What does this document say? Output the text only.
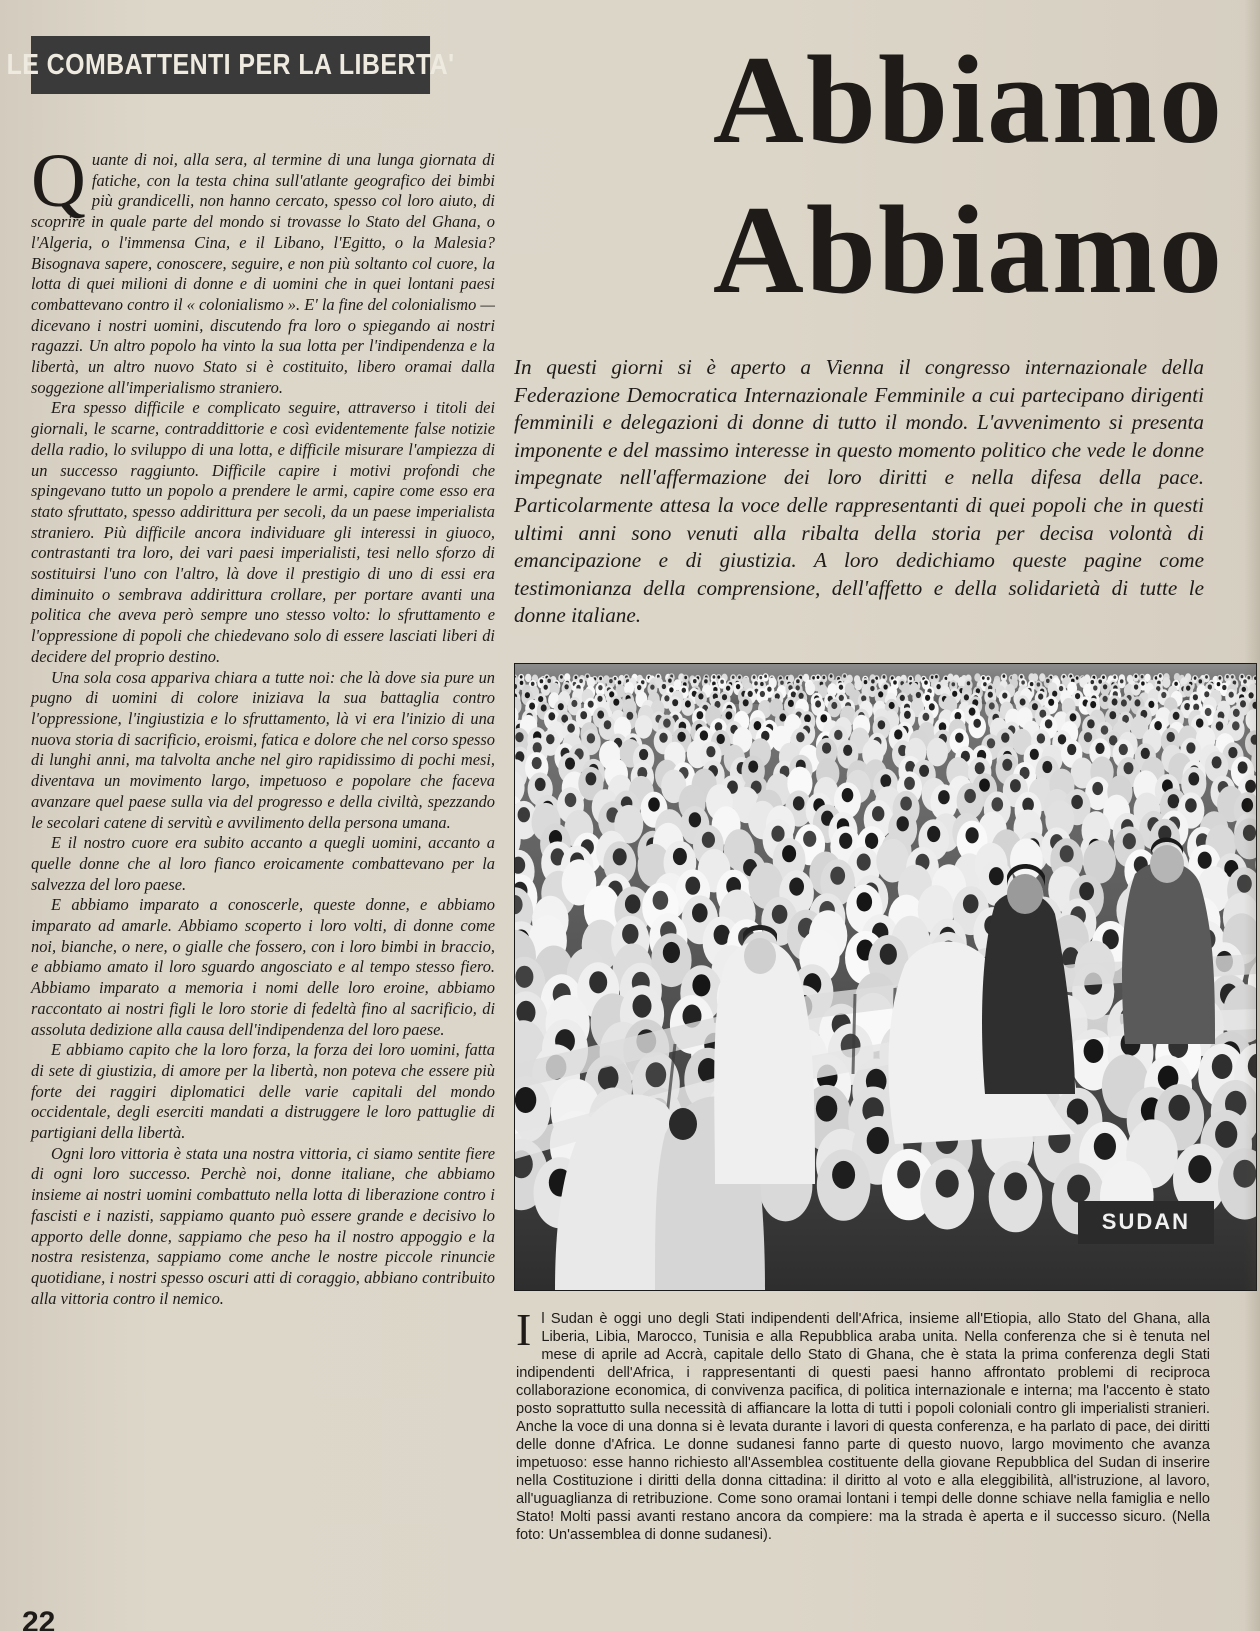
LE COMBATTENTI PER LA LIBERTA' Abbiamo
Abbiamo

Quante di noi, alla sera, al termine di una lunga giornata di fatiche, con la testa china sull'atlante geografico dei bimbi più grandicelli, non hanno cercato, spesso col loro aiuto, di scoprire in quale parte del mondo si trovasse lo Stato del Ghana, o l'Algeria, o l'immensa Cina, e il Libano, l'Egitto, o la Malesia? Bisognava sapere, conoscere, seguire, e non più soltanto col cuore, la lotta di quei milioni di donne e di uomini che in quei lontani paesi combattevano contro il « colonialismo ». E' la fine del colonialismo — dicevano i nostri uomini, discutendo fra loro o spiegando ai nostri ragazzi. Un altro popolo ha vinto la sua lotta per l'indipendenza e la libertà, un altro nuovo Stato si è costituito, libero oramai dalla soggezione all'imperialismo straniero.

Era spesso difficile e complicato seguire, attraverso i titoli dei giornali, le scarne, contraddittorie e così evidentemente false notizie della radio, lo sviluppo di una lotta, e difficile misurare l'ampiezza di un successo raggiunto. Difficile capire i motivi profondi che spingevano tutto un popolo a prendere le armi, capire come esso era stato sfruttato, spesso addirittura per secoli, da un paese imperialista straniero. Più difficile ancora individuare gli interessi in giuoco, contrastanti tra loro, dei vari paesi imperialisti, tesi nello sforzo di sostituirsi l'uno con l'altro, là dove il prestigio di uno di essi era diminuito o sembrava addirittura crollare, per portare avanti una politica che aveva però sempre uno stesso volto: lo sfruttamento e l'oppressione di popoli che chiedevano solo di essere lasciati liberi di decidere del proprio destino.

Una sola cosa appariva chiara a tutte noi: che là dove sia pure un pugno di uomini di colore iniziava la sua battaglia contro l'oppressione, l'ingiustizia e lo sfruttamento, là vi era l'inizio di una nuova storia di sacrificio, eroismi, fatica e dolore che nel corso spesso di lunghi anni, ma talvolta anche nel giro rapidissimo di pochi mesi, diventava un movimento largo, impetuoso e popolare che faceva avanzare quel paese sulla via del progresso e della civiltà, spezzando le secolari catene di servitù e avvilimento della persona umana.

E il nostro cuore era subito accanto a quegli uomini, accanto a quelle donne che al loro fianco eroicamente combattevano per la salvezza del loro paese.

E abbiamo imparato a conoscerle, queste donne, e abbiamo imparato ad amarle. Abbiamo scoperto i loro volti, di donne come noi, bianche, o nere, o gialle che fossero, con i loro bimbi in braccio, e abbiamo amato il loro sguardo angosciato e al tempo stesso fiero. Abbiamo imparato a memoria i nomi delle loro eroine, abbiamo raccontato ai nostri figli le loro storie di fedeltà fino al sacrificio, di assoluta dedizione alla causa dell'indipendenza del loro paese.

E abbiamo capito che la loro forza, la forza dei loro uomini, fatta di sete di giustizia, di amore per la libertà, non poteva che essere più forte dei raggiri diplomatici delle varie capitali del mondo occidentale, degli eserciti mandati a distruggere le loro pattuglie di partigiani della libertà.

Ogni loro vittoria è stata una nostra vittoria, ci siamo sentite fiere di ogni loro successo. Perchè noi, donne italiane, che abbiamo insieme ai nostri uomini combattuto nella lotta di liberazione contro i fascisti e i nazisti, sappiamo quanto può essere grande e decisivo lo apporto delle donne, sappiamo che peso ha il nostro appoggio e la nostra resistenza, sappiamo come anche le nostre piccole rinuncie quotidiane, i nostri spesso oscuri atti di coraggio, abbiano contribuito alla vittoria contro il nemico.

In questi giorni si è aperto a Vienna il congresso internazionale della Federazione Democratica Internazionale Femminile a cui partecipano dirigenti femminili e delegazioni di donne di tutto il mondo. L'avvenimento si presenta imponente e del massimo interesse in questo momento politico che vede le donne impegnate nell'affermazione dei loro diritti e nella difesa della pace. Particolarmente attesa la voce delle rappresentanti di quei popoli che in questi ultimi anni sono venuti alla ribalta della storia per decisa volontà di emancipazione e di giustizia. A loro dedichiamo queste pagine come testimonianza della comprensione, dell'affetto e della solidarietà di tutte le donne italiane.
SUDAN
Il Sudan è oggi uno degli Stati indipendenti dell'Africa, insieme all'Etiopia, allo Stato del Ghana, alla Liberia, Libia, Marocco, Tunisia e alla Repubblica araba unita. Nella conferenza che si è tenuta nel mese di aprile ad Accrà, capitale dello Stato di Ghana, che è stata la prima conferenza degli Stati indipendenti dell'Africa, i rappresentanti di questi paesi hanno affrontato problemi di reciproca collaborazione economica, di convivenza pacifica, di politica internazionale e interna; ma l'accento è stato posto soprattutto sulla necessità di affiancare la lotta di tutti i popoli coloniali contro gli imperialisti stranieri. Anche la voce di una donna si è levata durante i lavori di questa conferenza, e ha parlato di pace, dei diritti delle donne d'Africa. Le donne sudanesi fanno parte di questo nuovo, largo movimento che avanza impetuoso: esse hanno richiesto all'Assemblea costituente della giovane Repubblica del Sudan di inserire nella Costituzione i diritti della donna cittadina: il diritto al voto e alla eleggibilità, all'istruzione, al lavoro, all'uguaglianza di retribuzione. Come sono oramai lontani i tempi delle donne schiave nella famiglia e nello Stato! Molti passi avanti restano ancora da compiere: ma la strada è aperta e il successo sicuro. (Nella foto: Un'assemblea di donne sudanesi).
22
